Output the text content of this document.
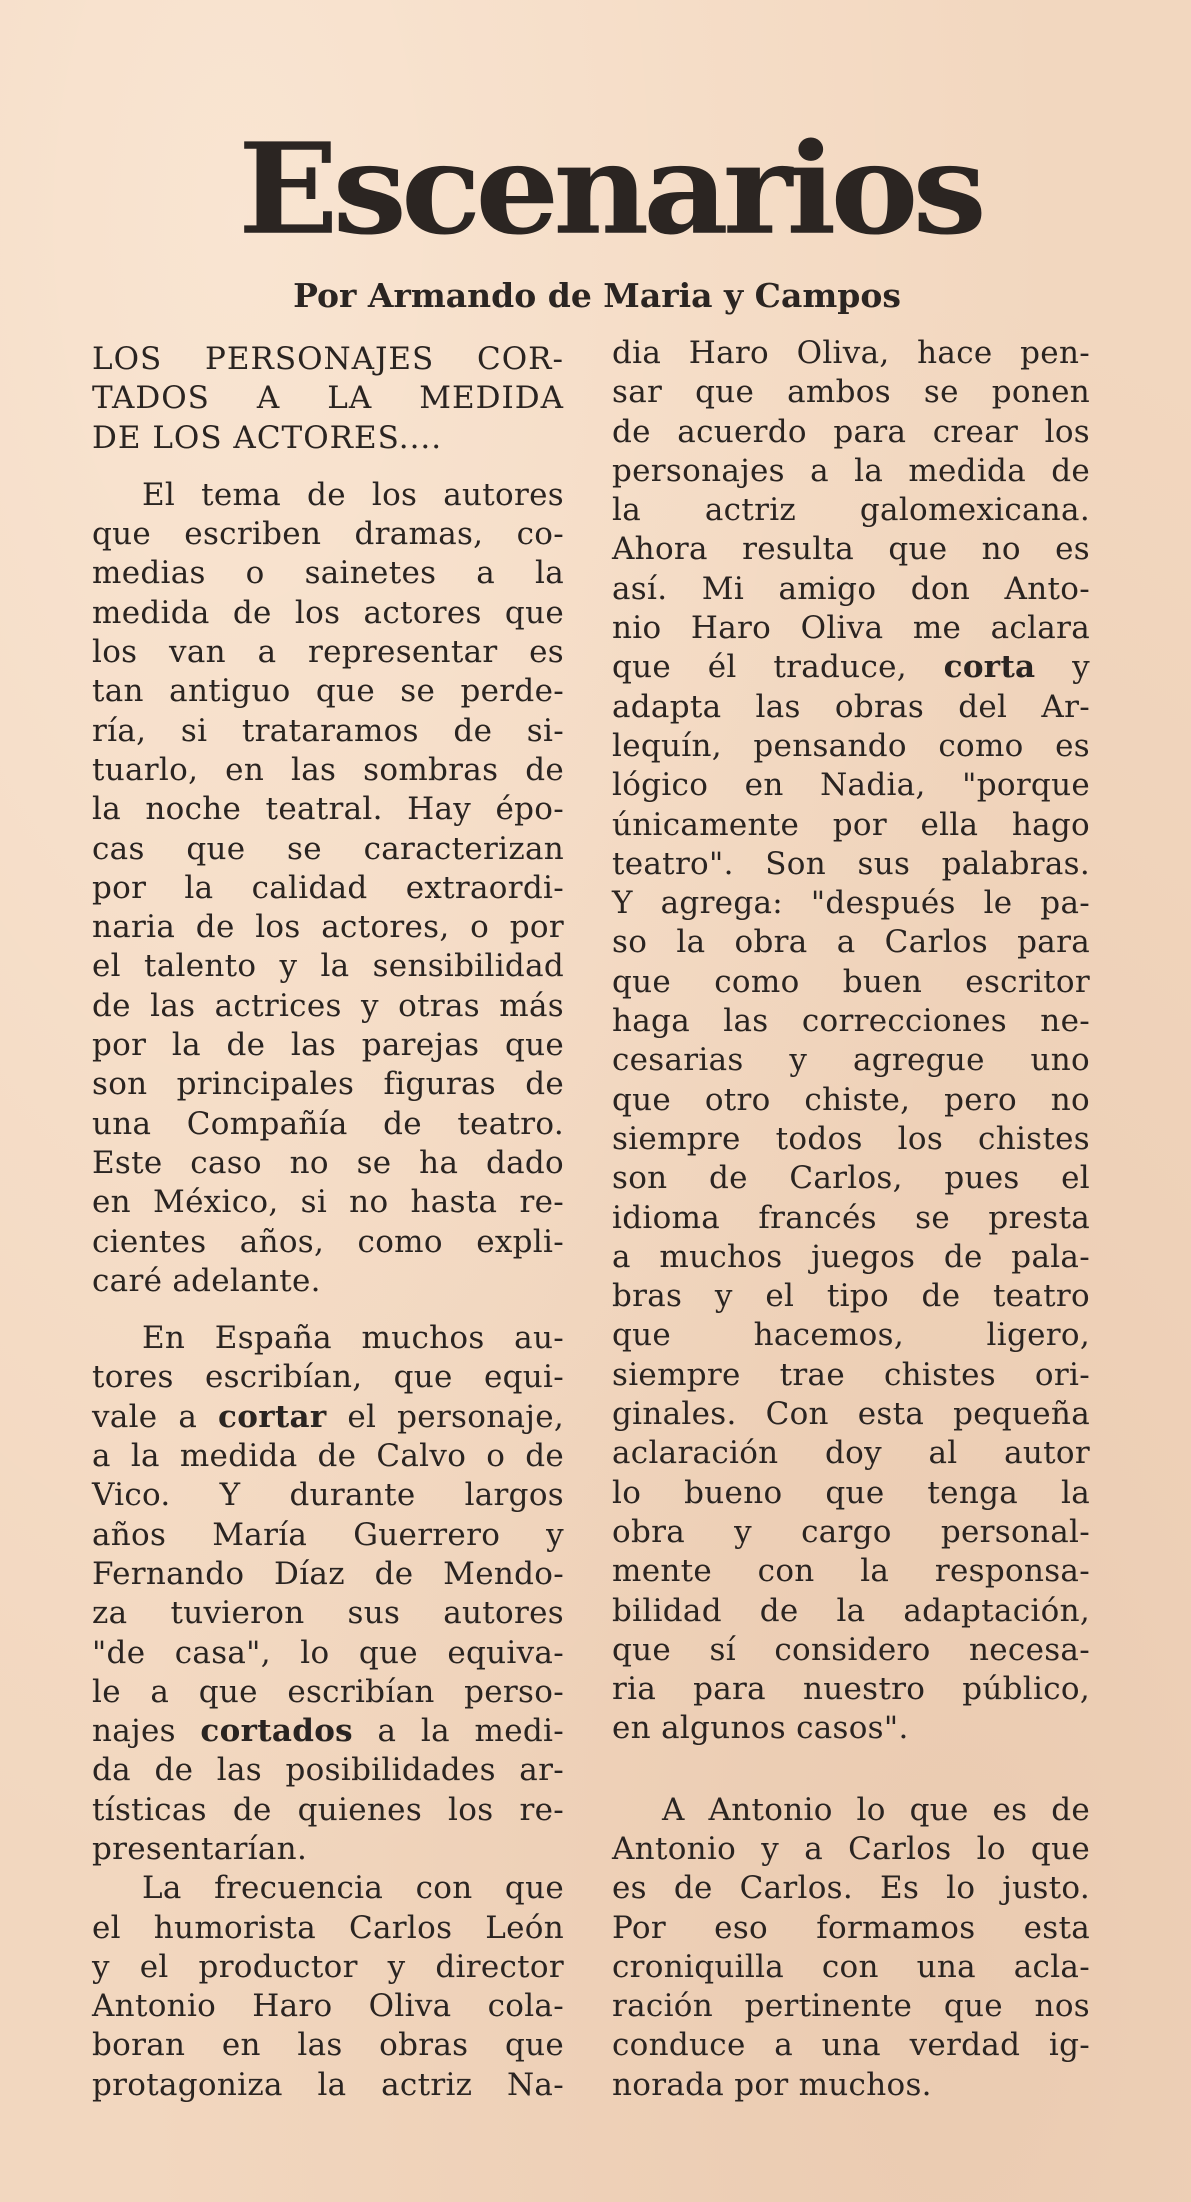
Escenarios
Por Armando de Maria y Campos
LOS PERSONAJES COR-
TADOS A LA MEDIDA
DE LOS ACTORES....
El tema de los autores
que escriben dramas, co-
medias o sainetes a la
medida de los actores que
los van a representar es
tan antiguo que se perde-
ría, si trataramos de si-
tuarlo, en las sombras de
la noche teatral. Hay épo-
cas que se caracterizan
por la calidad extraordi-
naria de los actores, o por
el talento y la sensibilidad
de las actrices y otras más
por la de las parejas que
son principales figuras de
una Compañía de teatro.
Este caso no se ha dado
en México, si no hasta re-
cientes años, como expli-
caré adelante.
En España muchos au-
tores escribían, que equi-
vale a cortar el personaje,
a la medida de Calvo o de
Vico. Y durante largos
años María Guerrero y
Fernando Díaz de Mendo-
za tuvieron sus autores
"de casa", lo que equiva-
le a que escribían perso-
najes cortados a la medi-
da de las posibilidades ar-
tísticas de quienes los re-
presentarían.
La frecuencia con que
el humorista Carlos León
y el productor y director
Antonio Haro Oliva cola-
boran en las obras que
protagoniza la actriz Na-
dia Haro Oliva, hace pen-
sar que ambos se ponen
de acuerdo para crear los
personajes a la medida de
la actriz galomexicana.
Ahora resulta que no es
así. Mi amigo don Anto-
nio Haro Oliva me aclara
que él traduce, corta y
adapta las obras del Ar-
lequín, pensando como es
lógico en Nadia, "porque
únicamente por ella hago
teatro". Son sus palabras.
Y agrega: "después le pa-
so la obra a Carlos para
que como buen escritor
haga las correcciones ne-
cesarias y agregue uno
que otro chiste, pero no
siempre todos los chistes
son de Carlos, pues el
idioma francés se presta
a muchos juegos de pala-
bras y el tipo de teatro
que hacemos, ligero,
siempre trae chistes ori-
ginales. Con esta pequeña
aclaración doy al autor
lo bueno que tenga la
obra y cargo personal-
mente con la responsa-
bilidad de la adaptación,
que sí considero necesa-
ria para nuestro público,
en algunos casos".
A Antonio lo que es de
Antonio y a Carlos lo que
es de Carlos. Es lo justo.
Por eso formamos esta
croniquilla con una acla-
ración pertinente que nos
conduce a una verdad ig-
norada por muchos.
